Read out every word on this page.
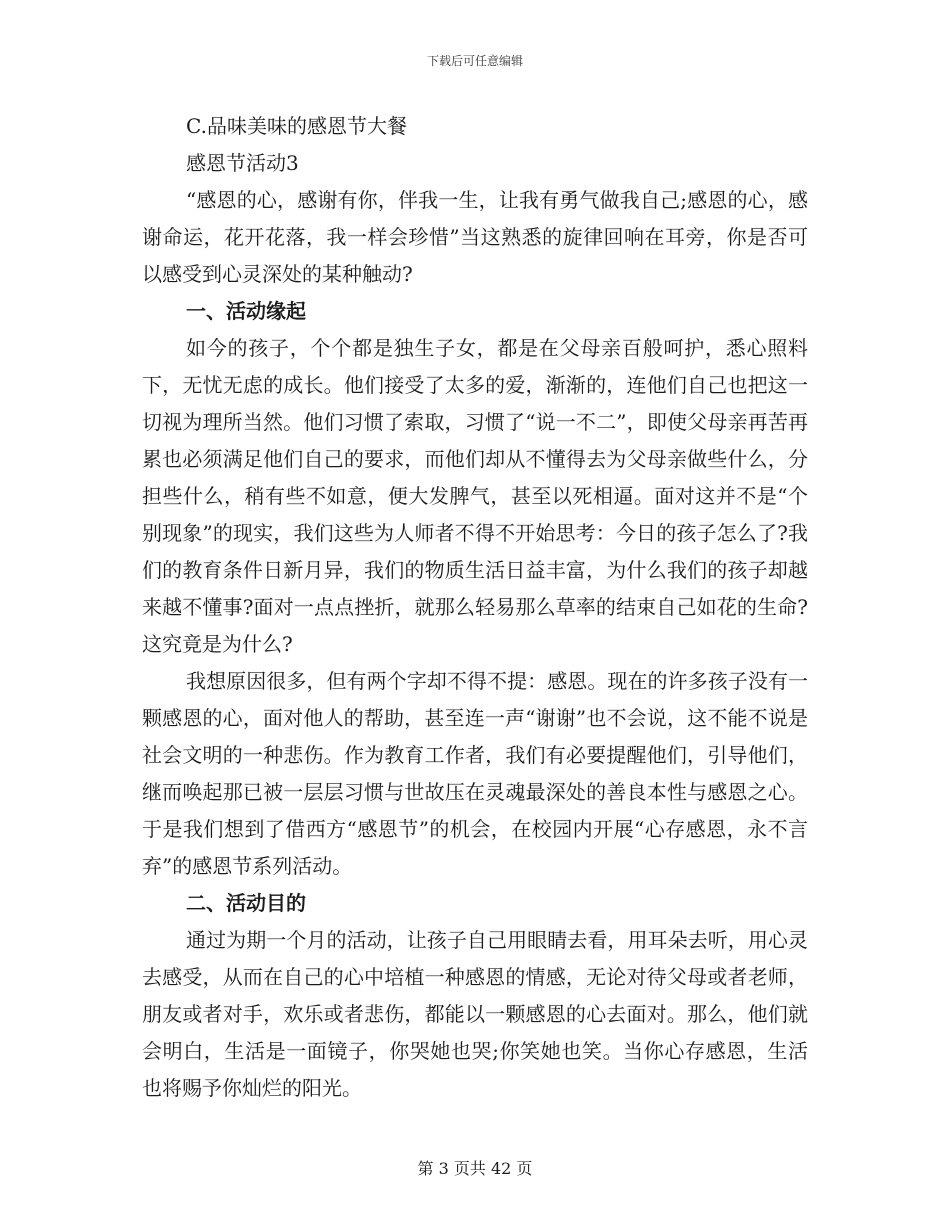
下载后可任意编辑

C.品味美味的感恩节大餐

感恩节活动3

“感恩的心，感谢有你，伴我一生，让我有勇气做我自己;感恩的心，感谢命运，花开花落，我一样会珍惜”当这熟悉的旋律回响在耳旁，你是否可以感受到心灵深处的某种触动?

一、活动缘起

如今的孩子，个个都是独生子女，都是在父母亲百般呵护，悉心照料下，无忧无虑的成长。他们接受了太多的爱，渐渐的，连他们自己也把这一切视为理所当然。他们习惯了索取，习惯了“说一不二”，即使父母亲再苦再累也必须满足他们自己的要求，而他们却从不懂得去为父母亲做些什么，分担些什么，稍有些不如意，便大发脾气，甚至以死相逼。面对这并不是“个别现象”的现实，我们这些为人师者不得不开始思考：今日的孩子怎么了?我们的教育条件日新月异，我们的物质生活日益丰富，为什么我们的孩子却越来越不懂事?面对一点点挫折，就那么轻易那么草率的结束自己如花的生命?这究竟是为什么?

我想原因很多，但有两个字却不得不提：感恩。现在的许多孩子没有一颗感恩的心，面对他人的帮助，甚至连一声“谢谢”也不会说，这不能不说是社会文明的一种悲伤。作为教育工作者，我们有必要提醒他们，引导他们，继而唤起那已被一层层习惯与世故压在灵魂最深处的善良本性与感恩之心。于是我们想到了借西方“感恩节”的机会，在校园内开展“心存感恩，永不言弃”的感恩节系列活动。

二、活动目的

通过为期一个月的活动，让孩子自己用眼睛去看，用耳朵去听，用心灵去感受，从而在自己的心中培植一种感恩的情感，无论对待父母或者老师，朋友或者对手，欢乐或者悲伤，都能以一颗感恩的心去面对。那么，他们就会明白，生活是一面镜子，你哭她也哭;你笑她也笑。当你心存感恩，生活也将赐予你灿烂的阳光。

第 3 页共 42 页
